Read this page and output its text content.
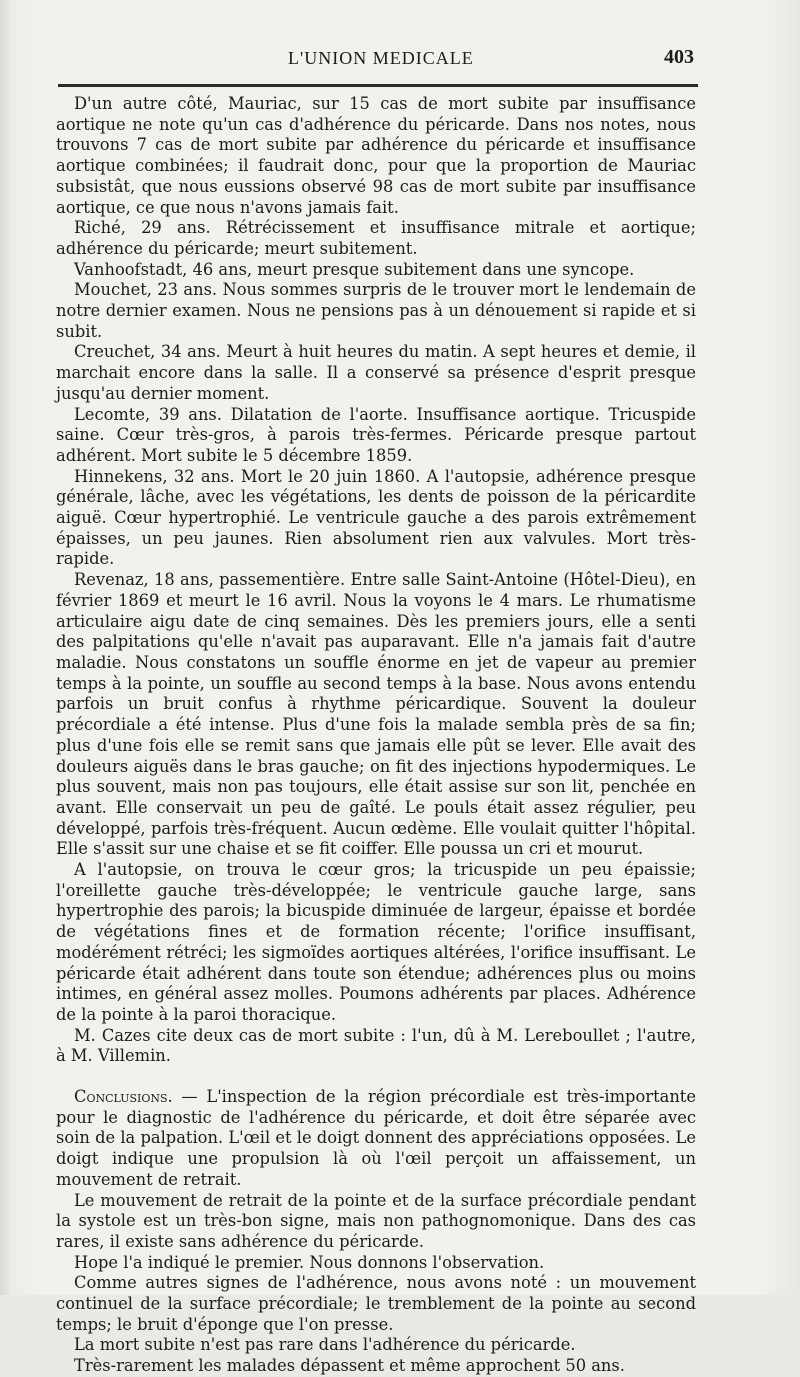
L'UNION MEDICALE	403

D'un autre côté, Mauriac, sur 15 cas de mort subite par insuffisance aortique ne note qu'un cas d'adhérence du péricarde. Dans nos notes, nous trouvons 7 cas de mort subite par adhérence du péricarde et insuffisance aortique combinées; il faudrait donc, pour que la proportion de Mauriac subsistât, que nous eussions observé 98 cas de mort subite par insuffisance aortique, ce que nous n'avons jamais fait.

Riché, 29 ans. Rétrécissement et insuffisance mitrale et aortique; adhérence du péricarde; meurt subitement.

Vanhoofstadt, 46 ans, meurt presque subitement dans une syncope.

Mouchet, 23 ans. Nous sommes surpris de le trouver mort le lendemain de notre dernier examen. Nous ne pensions pas à un dénouement si rapide et si subit.

Creuchet, 34 ans. Meurt à huit heures du matin. A sept heures et demie, il marchait encore dans la salle. Il a conservé sa présence d'esprit presque jusqu'au dernier moment.

Lecomte, 39 ans. Dilatation de l'aorte. Insuffisance aortique. Tricuspide saine. Cœur très-gros, à parois très-fermes. Péricarde presque partout adhérent. Mort subite le 5 décembre 1859.

Hinnekens, 32 ans. Mort le 20 juin 1860. A l'autopsie, adhérence presque générale, lâche, avec les végétations, les dents de poisson de la péricardite aiguë. Cœur hypertrophié. Le ventricule gauche a des parois extrêmement épaisses, un peu jaunes. Rien absolument rien aux valvules. Mort très-rapide.

Revenaz, 18 ans, passementière. Entre salle Saint-Antoine (Hôtel-Dieu), en février 1869 et meurt le 16 avril. Nous la voyons le 4 mars. Le rhumatisme articulaire aigu date de cinq semaines. Dès les premiers jours, elle a senti des palpitations qu'elle n'avait pas auparavant. Elle n'a jamais fait d'autre maladie. Nous constatons un souffle énorme en jet de vapeur au premier temps à la pointe, un souffle au second temps à la base. Nous avons entendu parfois un bruit confus à rhythme péricardique. Souvent la douleur précordiale a été intense. Plus d'une fois la malade sembla près de sa fin; plus d'une fois elle se remit sans que jamais elle pût se lever. Elle avait des douleurs aiguës dans le bras gauche; on fit des injections hypodermiques. Le plus souvent, mais non pas toujours, elle était assise sur son lit, penchée en avant. Elle conservait un peu de gaîté. Le pouls était assez régulier, peu développé, parfois très-fréquent. Aucun œdème. Elle voulait quitter l'hôpital. Elle s'assit sur une chaise et se fit coiffer. Elle poussa un cri et mourut.

A l'autopsie, on trouva le cœur gros; la tricuspide un peu épaissie; l'oreillette gauche très-développée; le ventricule gauche large, sans hypertrophie des parois; la bicuspide diminuée de largeur, épaisse et bordée de végétations fines et de formation récente; l'orifice insuffisant, modérément rétréci; les sigmoïdes aortiques altérées, l'orifice insuffisant. Le péricarde était adhérent dans toute son étendue; adhérences plus ou moins intimes, en général assez molles. Poumons adhérents par places. Adhérence de la pointe à la paroi thoracique.

M. Cazes cite deux cas de mort subite : l'un, dû à M. Lereboullet ; l'autre, à M. Villemin.

Conclusions. — L'inspection de la région précordiale est très-importante pour le diagnostic de l'adhérence du péricarde, et doit être séparée avec soin de la palpation. L'œil et le doigt donnent des appréciations opposées. Le doigt indique une propulsion là où l'œil perçoit un affaissement, un mouvement de retrait.

Le mouvement de retrait de la pointe et de la surface précordiale pendant la systole est un très-bon signe, mais non pathognomonique. Dans des cas rares, il existe sans adhérence du péricarde.

Hope l'a indiqué le premier. Nous donnons l'observation.

Comme autres signes de l'adhérence, nous avons noté : un mouvement continuel de la surface précordiale; le tremblement de la pointe au second temps; le bruit d'éponge que l'on presse.

La mort subite n'est pas rare dans l'adhérence du péricarde.

Très-rarement les malades dépassent et même approchent 50 ans.
